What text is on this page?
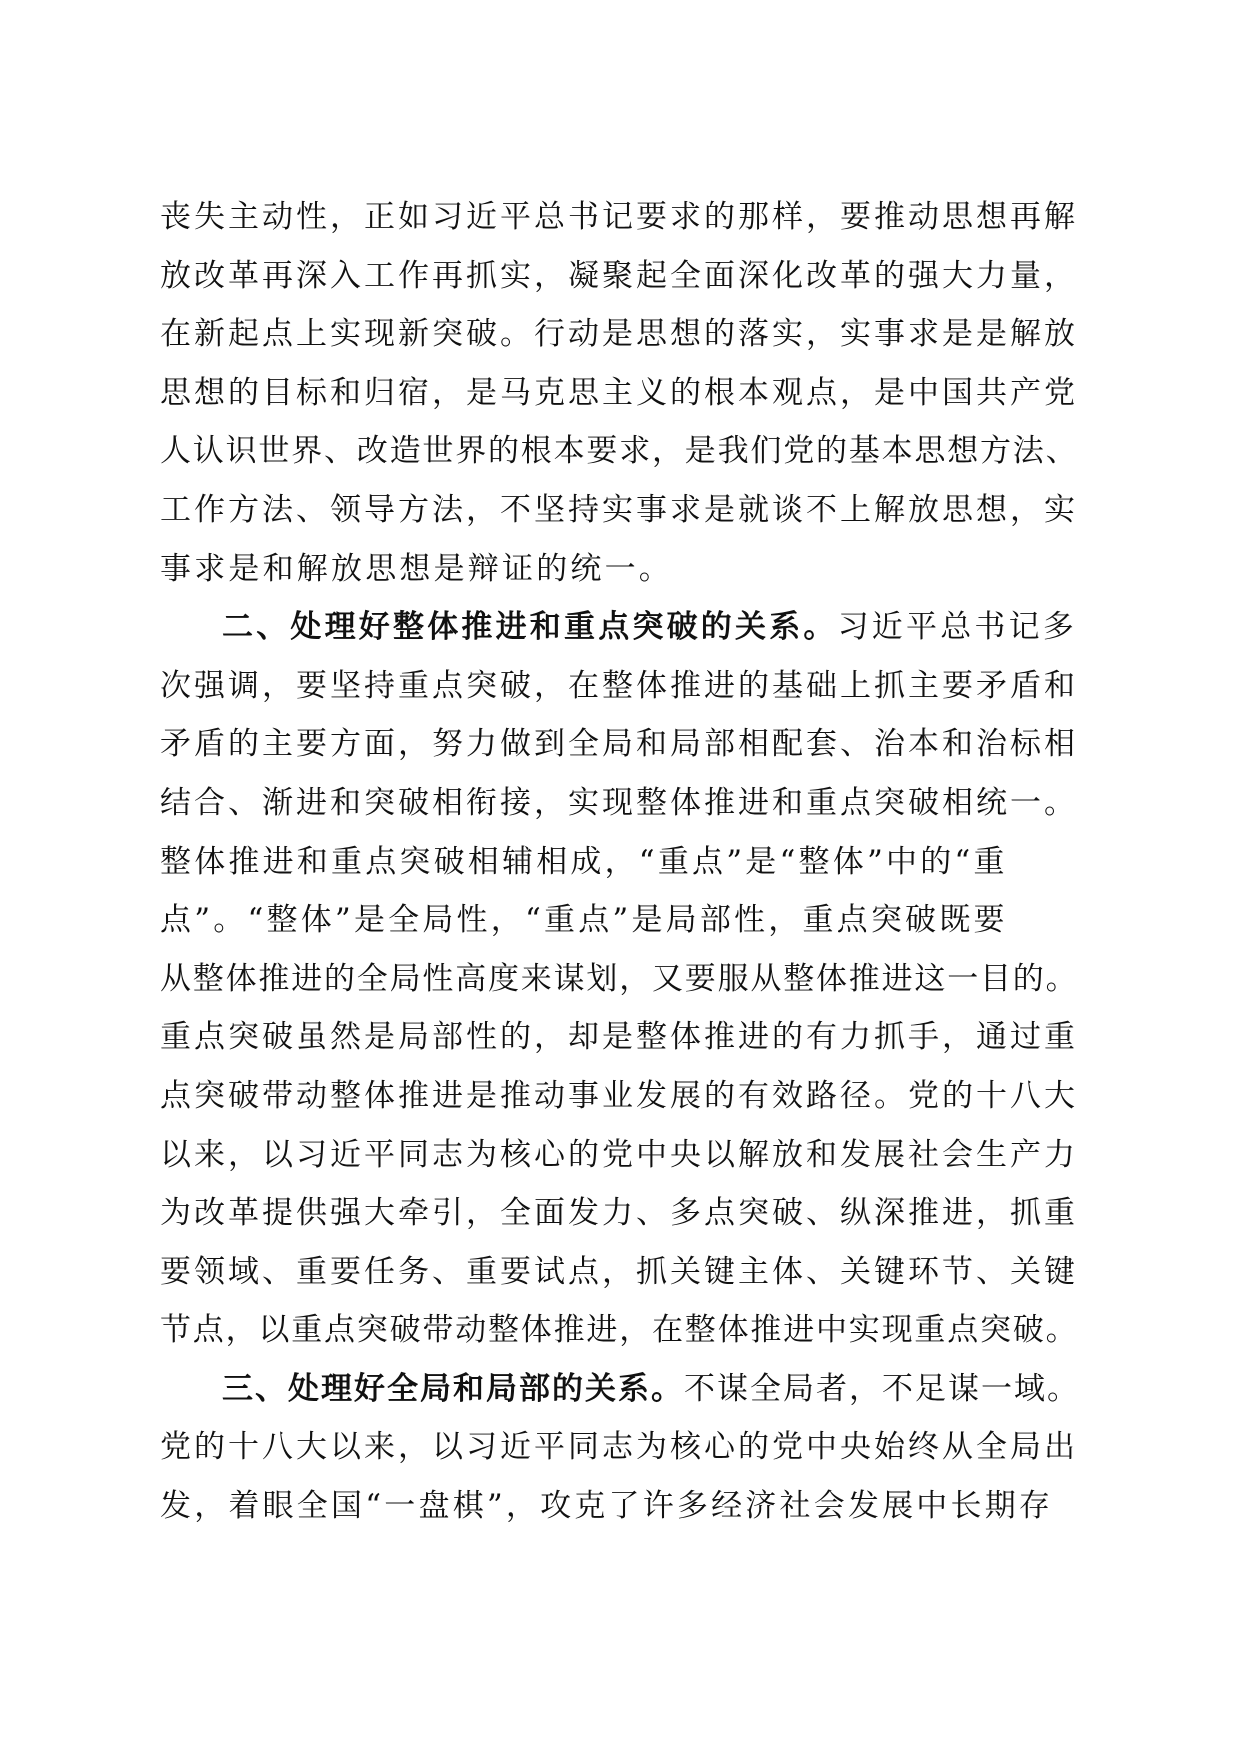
丧失主动性，正如习近平总书记要求的那样，要推动思想再解
放改革再深入工作再抓实，凝聚起全面深化改革的强大力量，
在新起点上实现新突破。行动是思想的落实，实事求是是解放
思想的目标和归宿，是马克思主义的根本观点，是中国共产党
人认识世界、改造世界的根本要求，是我们党的基本思想方法、
工作方法、领导方法，不坚持实事求是就谈不上解放思想，实
事求是和解放思想是辩证的统一。
二、处理好整体推进和重点突破的关系。习近平总书记多
次强调，要坚持重点突破，在整体推进的基础上抓主要矛盾和
矛盾的主要方面，努力做到全局和局部相配套、治本和治标相
结合、渐进和突破相衔接，实现整体推进和重点突破相统一。
整体推进和重点突破相辅相成，“重点”是“整体”中的“重
点”。“整体”是全局性，“重点”是局部性，重点突破既要
从整体推进的全局性高度来谋划，又要服从整体推进这一目的。
重点突破虽然是局部性的，却是整体推进的有力抓手，通过重
点突破带动整体推进是推动事业发展的有效路径。党的十八大
以来，以习近平同志为核心的党中央以解放和发展社会生产力
为改革提供强大牵引，全面发力、多点突破、纵深推进，抓重
要领域、重要任务、重要试点，抓关键主体、关键环节、关键
节点，以重点突破带动整体推进，在整体推进中实现重点突破。
三、处理好全局和局部的关系。不谋全局者，不足谋一域。
党的十八大以来，以习近平同志为核心的党中央始终从全局出
发，着眼全国“一盘棋”，攻克了许多经济社会发展中长期存
